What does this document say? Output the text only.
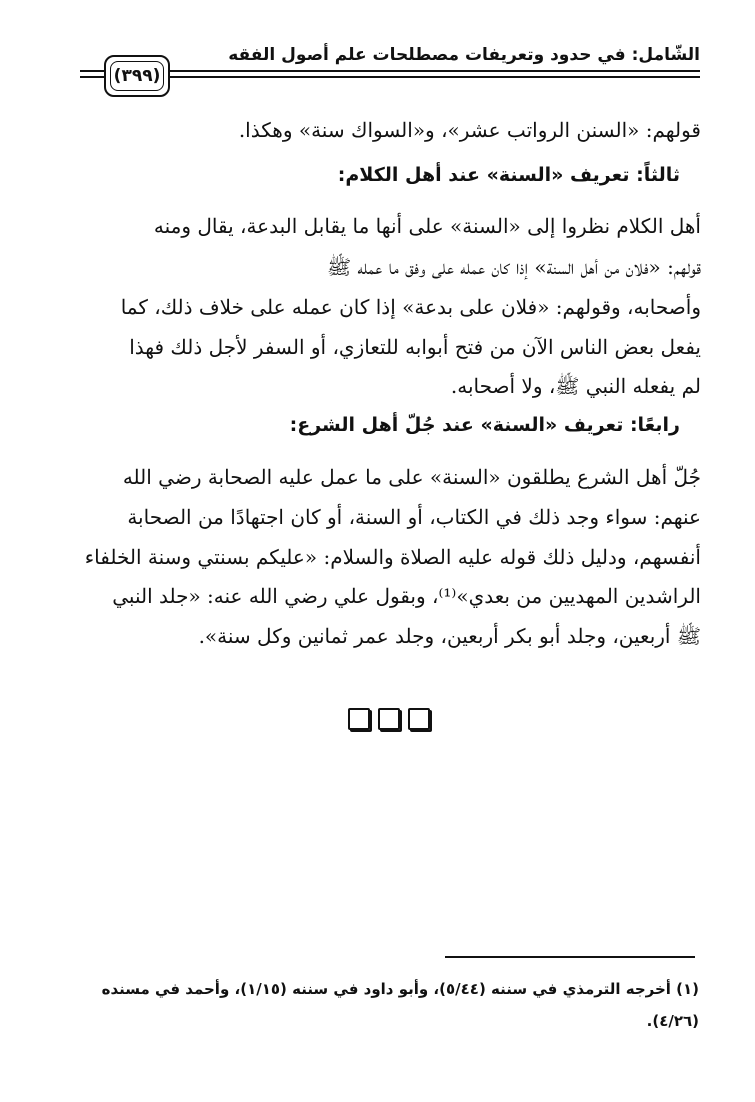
الشّامل: في حدود وتعريفات مصطلحات علم أصول الفقه
(٣٩٩)
قولهم: «السنن الرواتب عشر»، و«السواك سنة» وهكذا.
ثالثاً: تعريف «السنة» عند أهل الكلام:
أهل الكلام نظروا إلى «السنة» على أنها ما يقابل البدعة، يقال ومنه
قولهم: «فلان من أهل السنة» إذا كان عمله على وفق ما عمله ﷺ
وأصحابه، وقولهم: «فلان على بدعة» إذا كان عمله على خلاف ذلك، كما
يفعل بعض الناس الآن من فتح أبوابه للتعازي، أو السفر لأجل ذلك فهذا
لم يفعله النبي ﷺ، ولا أصحابه.
رابعًا: تعريف «السنة» عند جُلّ أهل الشرع:
جُلّ أهل الشرع يطلقون «السنة» على ما عمل عليه الصحابة رضي الله
عنهم: سواء وجد ذلك في الكتاب، أو السنة، أو كان اجتهادًا من الصحابة
أنفسهم، ودليل ذلك قوله عليه الصلاة والسلام: «عليكم بسنتي وسنة الخلفاء
الراشدين المهديين من بعدي»⁽¹⁾، وبقول علي رضي الله عنه: «جلد النبي
ﷺ أربعين، وجلد أبو بكر أربعين، وجلد عمر ثمانين وكل سنة».
(١) أخرجه الترمذي في سننه (٥/٤٤)، وأبو داود في سننه (١/١٥)، وأحمد في مسنده
(٤/٢٦).
